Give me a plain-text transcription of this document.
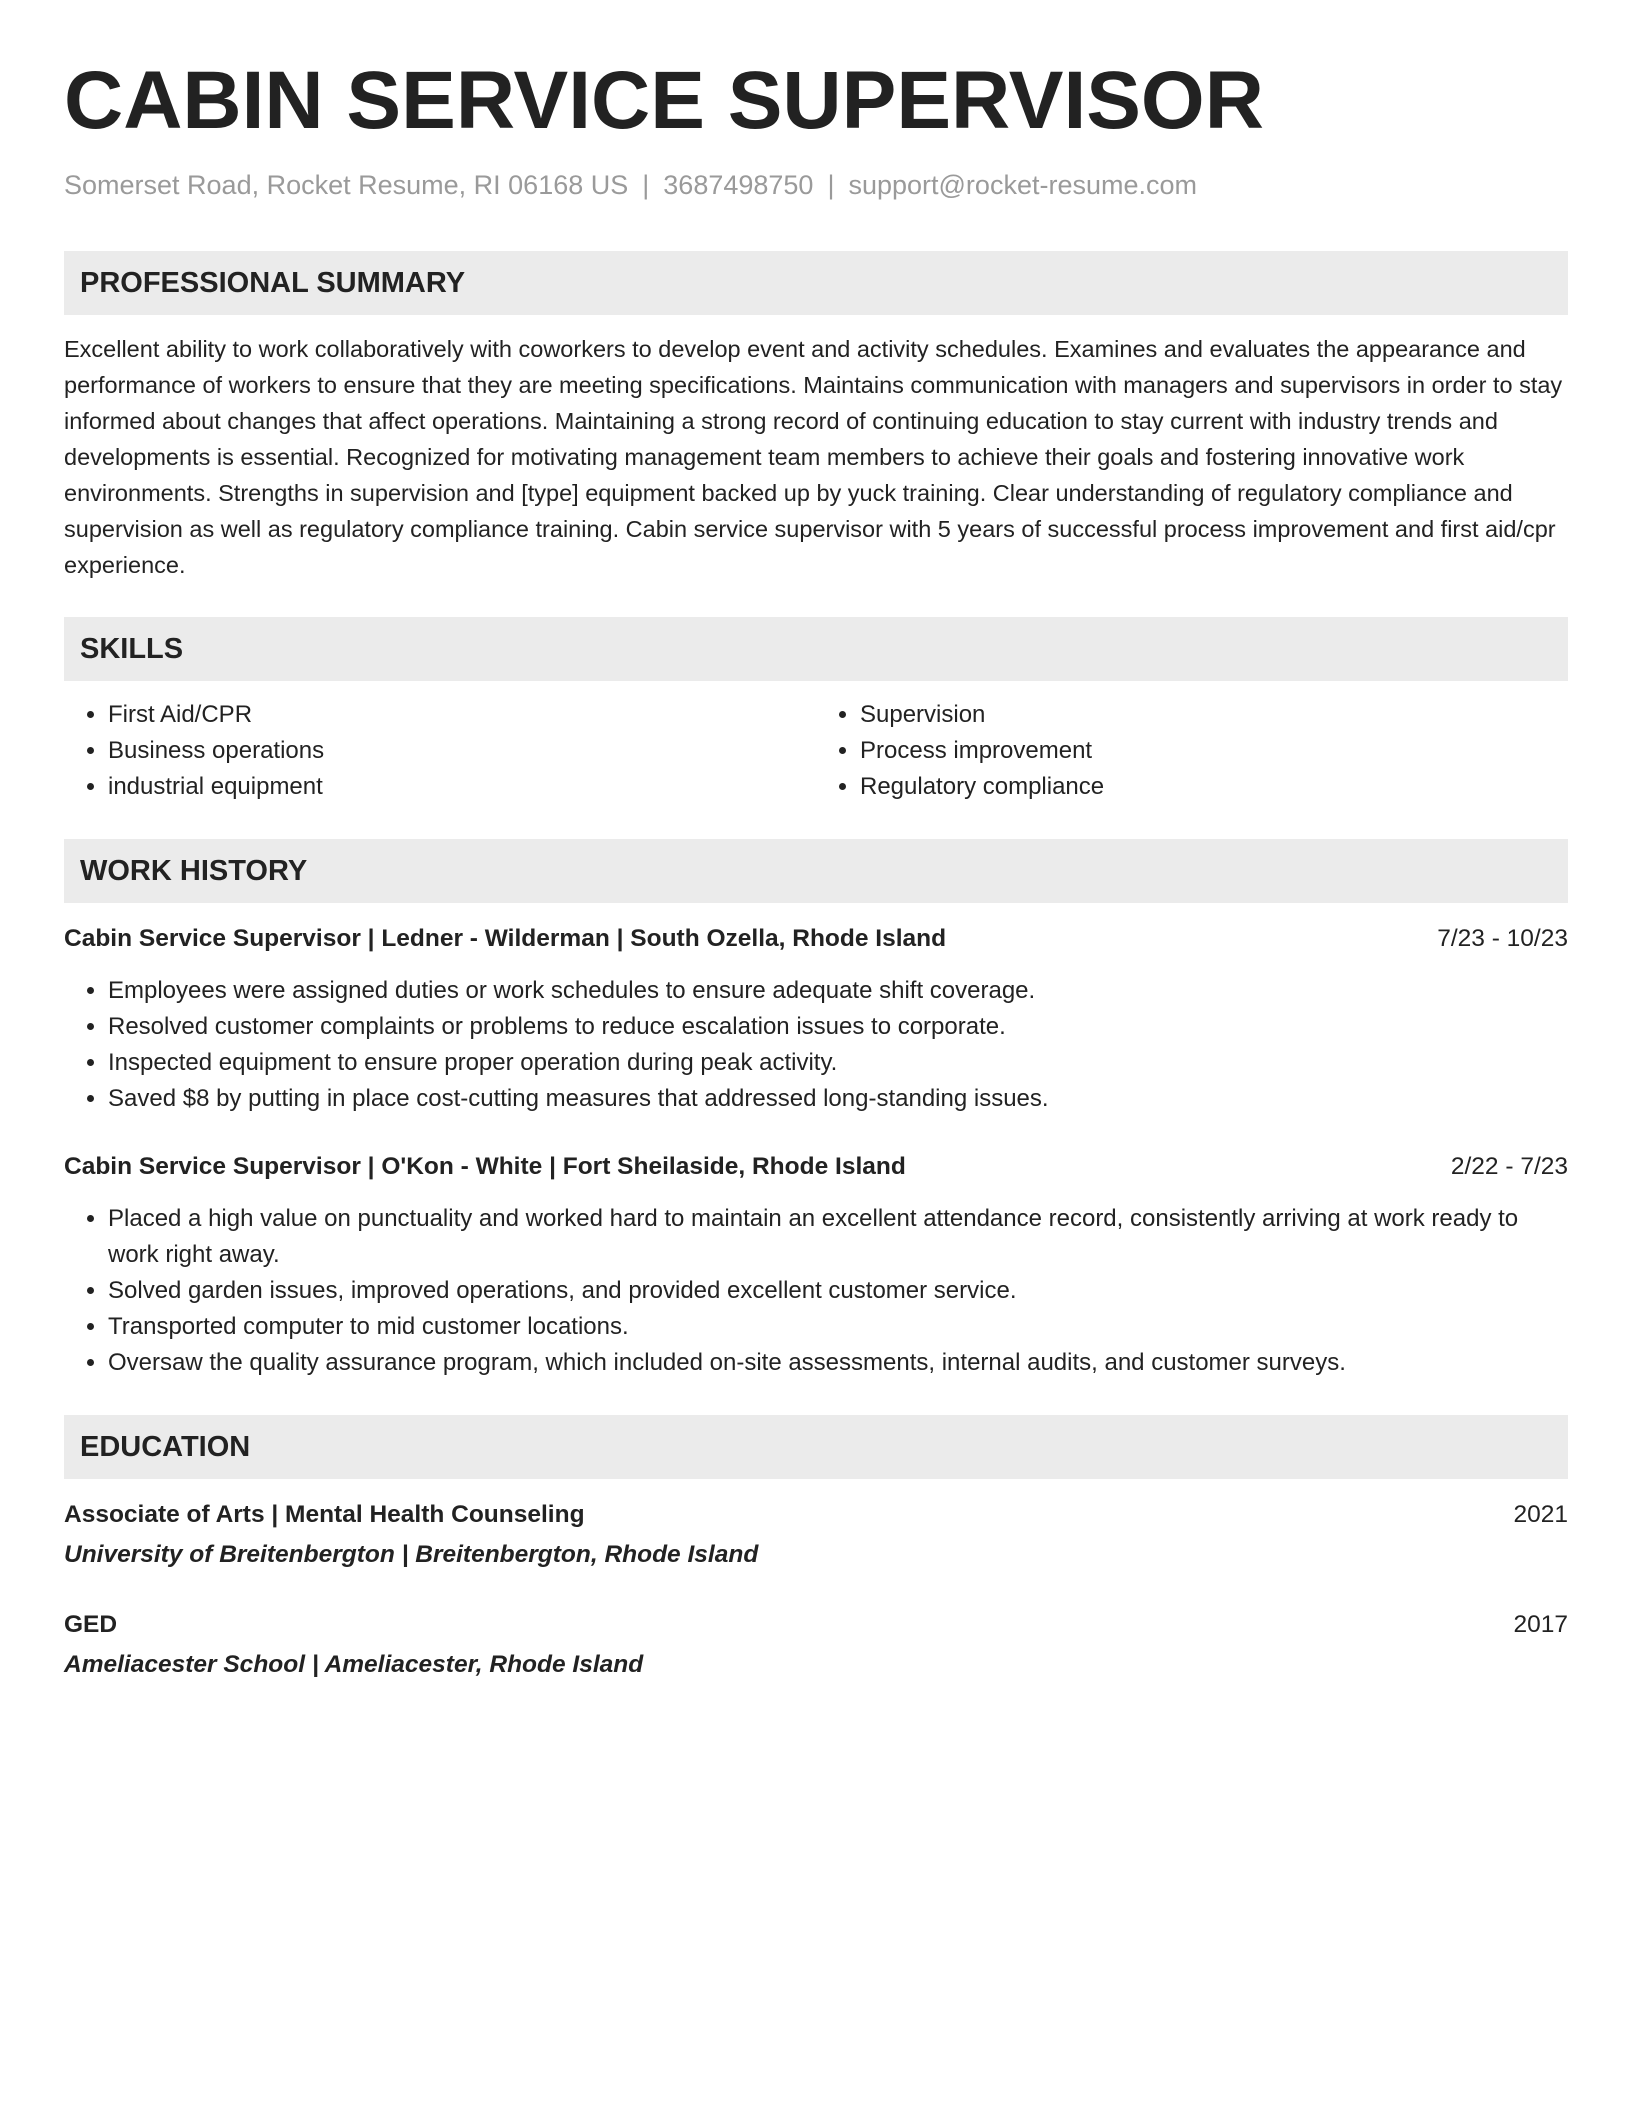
CABIN SERVICE SUPERVISOR
Somerset Road, Rocket Resume, RI 06168 US | 3687498750 | support@rocket-resume.com
PROFESSIONAL SUMMARY
Excellent ability to work collaboratively with coworkers to develop event and activity schedules. Examines and evaluates the appearance and performance of workers to ensure that they are meeting specifications. Maintains communication with managers and supervisors in order to stay informed about changes that affect operations. Maintaining a strong record of continuing education to stay current with industry trends and developments is essential. Recognized for motivating management team members to achieve their goals and fostering innovative work environments. Strengths in supervision and [type] equipment backed up by yuck training. Clear understanding of regulatory compliance and supervision as well as regulatory compliance training. Cabin service supervisor with 5 years of successful process improvement and first aid/cpr experience.
SKILLS
• First Aid/CPR
• Business operations
• industrial equipment
• Supervision
• Process improvement
• Regulatory compliance
WORK HISTORY
Cabin Service Supervisor | Ledner - Wilderman | South Ozella, Rhode Island	7/23 - 10/23
• Employees were assigned duties or work schedules to ensure adequate shift coverage.
• Resolved customer complaints or problems to reduce escalation issues to corporate.
• Inspected equipment to ensure proper operation during peak activity.
• Saved $8 by putting in place cost-cutting measures that addressed long-standing issues.
Cabin Service Supervisor | O'Kon - White | Fort Sheilaside, Rhode Island	2/22 - 7/23
• Placed a high value on punctuality and worked hard to maintain an excellent attendance record, consistently arriving at work ready to work right away.
• Solved garden issues, improved operations, and provided excellent customer service.
• Transported computer to mid customer locations.
• Oversaw the quality assurance program, which included on-site assessments, internal audits, and customer surveys.
EDUCATION
Associate of Arts | Mental Health Counseling	2021
University of Breitenbergton | Breitenbergton, Rhode Island
GED	2017
Ameliacester School | Ameliacester, Rhode Island
